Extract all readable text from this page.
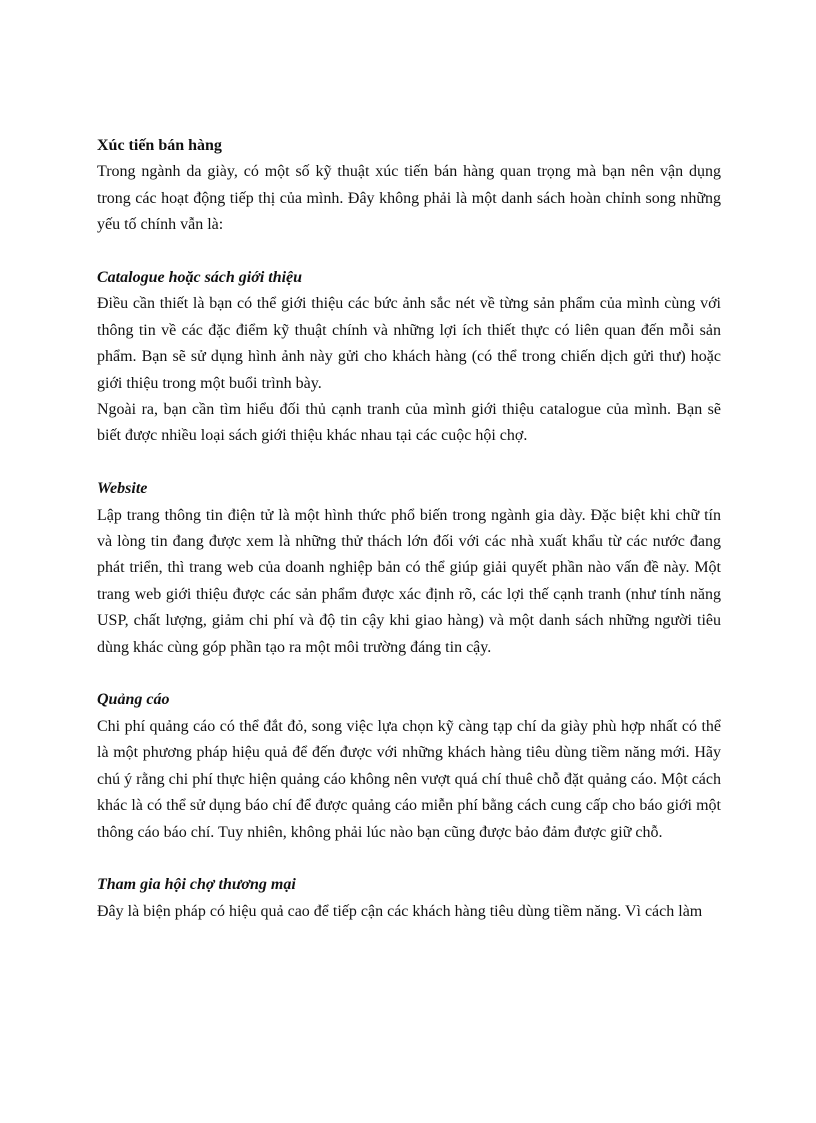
Xúc tiến bán hàng

Trong ngành da giày, có một số kỹ thuật xúc tiến bán hàng quan trọng mà bạn nên vận dụng trong các hoạt động tiếp thị của mình. Đây không phải là một danh sách hoàn chỉnh song những yếu tố chính vẫn là:

Catalogue hoặc sách giới thiệu

Điều cần thiết là bạn có thể giới thiệu các bức ảnh sắc nét về từng sản phẩm của mình cùng với thông tin về các đặc điểm kỹ thuật chính và những lợi ích thiết thực có liên quan đến mỗi sản phẩm. Bạn sẽ sử dụng hình ảnh này gửi cho khách hàng (có thể trong chiến dịch gửi thư) hoặc giới thiệu trong một buổi trình bày.

Ngoài ra, bạn cần tìm hiểu đối thủ cạnh tranh của mình giới thiệu catalogue của mình. Bạn sẽ biết được nhiều loại sách giới thiệu khác nhau tại các cuộc hội chợ.

Website

Lập trang thông tin điện tử là một hình thức phổ biến trong ngành gia dày. Đặc biệt khi chữ tín và lòng tin đang được xem là những thử thách lớn đối với các nhà xuất khẩu từ các nước đang phát triển, thì trang web của doanh nghiệp bản có thể giúp giải quyết phần nào vấn đề này. Một trang web giới thiệu được các sản phẩm được xác định rõ, các lợi thế cạnh tranh (như tính năng USP, chất lượng, giảm chi phí và độ tin cậy khi giao hàng) và một danh sách những người tiêu dùng khác cùng góp phần tạo ra một môi trường đáng tin cậy.

Quảng cáo

Chi phí quảng cáo có thể đắt đỏ, song việc lựa chọn kỹ càng tạp chí da giày phù hợp nhất có thể là một phương pháp hiệu quả để đến được với những khách hàng tiêu dùng tiềm năng mới. Hãy chú ý rằng chi phí thực hiện quảng cáo không nên vượt quá chí thuê chỗ đặt quảng cáo. Một cách khác là có thể sử dụng báo chí để được quảng cáo miễn phí bằng cách cung cấp cho báo giới một thông cáo báo chí. Tuy nhiên, không phải lúc nào bạn cũng được bảo đảm được giữ chỗ.

Tham gia hội chợ thương mại

Đây là biện pháp có hiệu quả cao để tiếp cận các khách hàng tiêu dùng tiềm năng. Vì cách làm
